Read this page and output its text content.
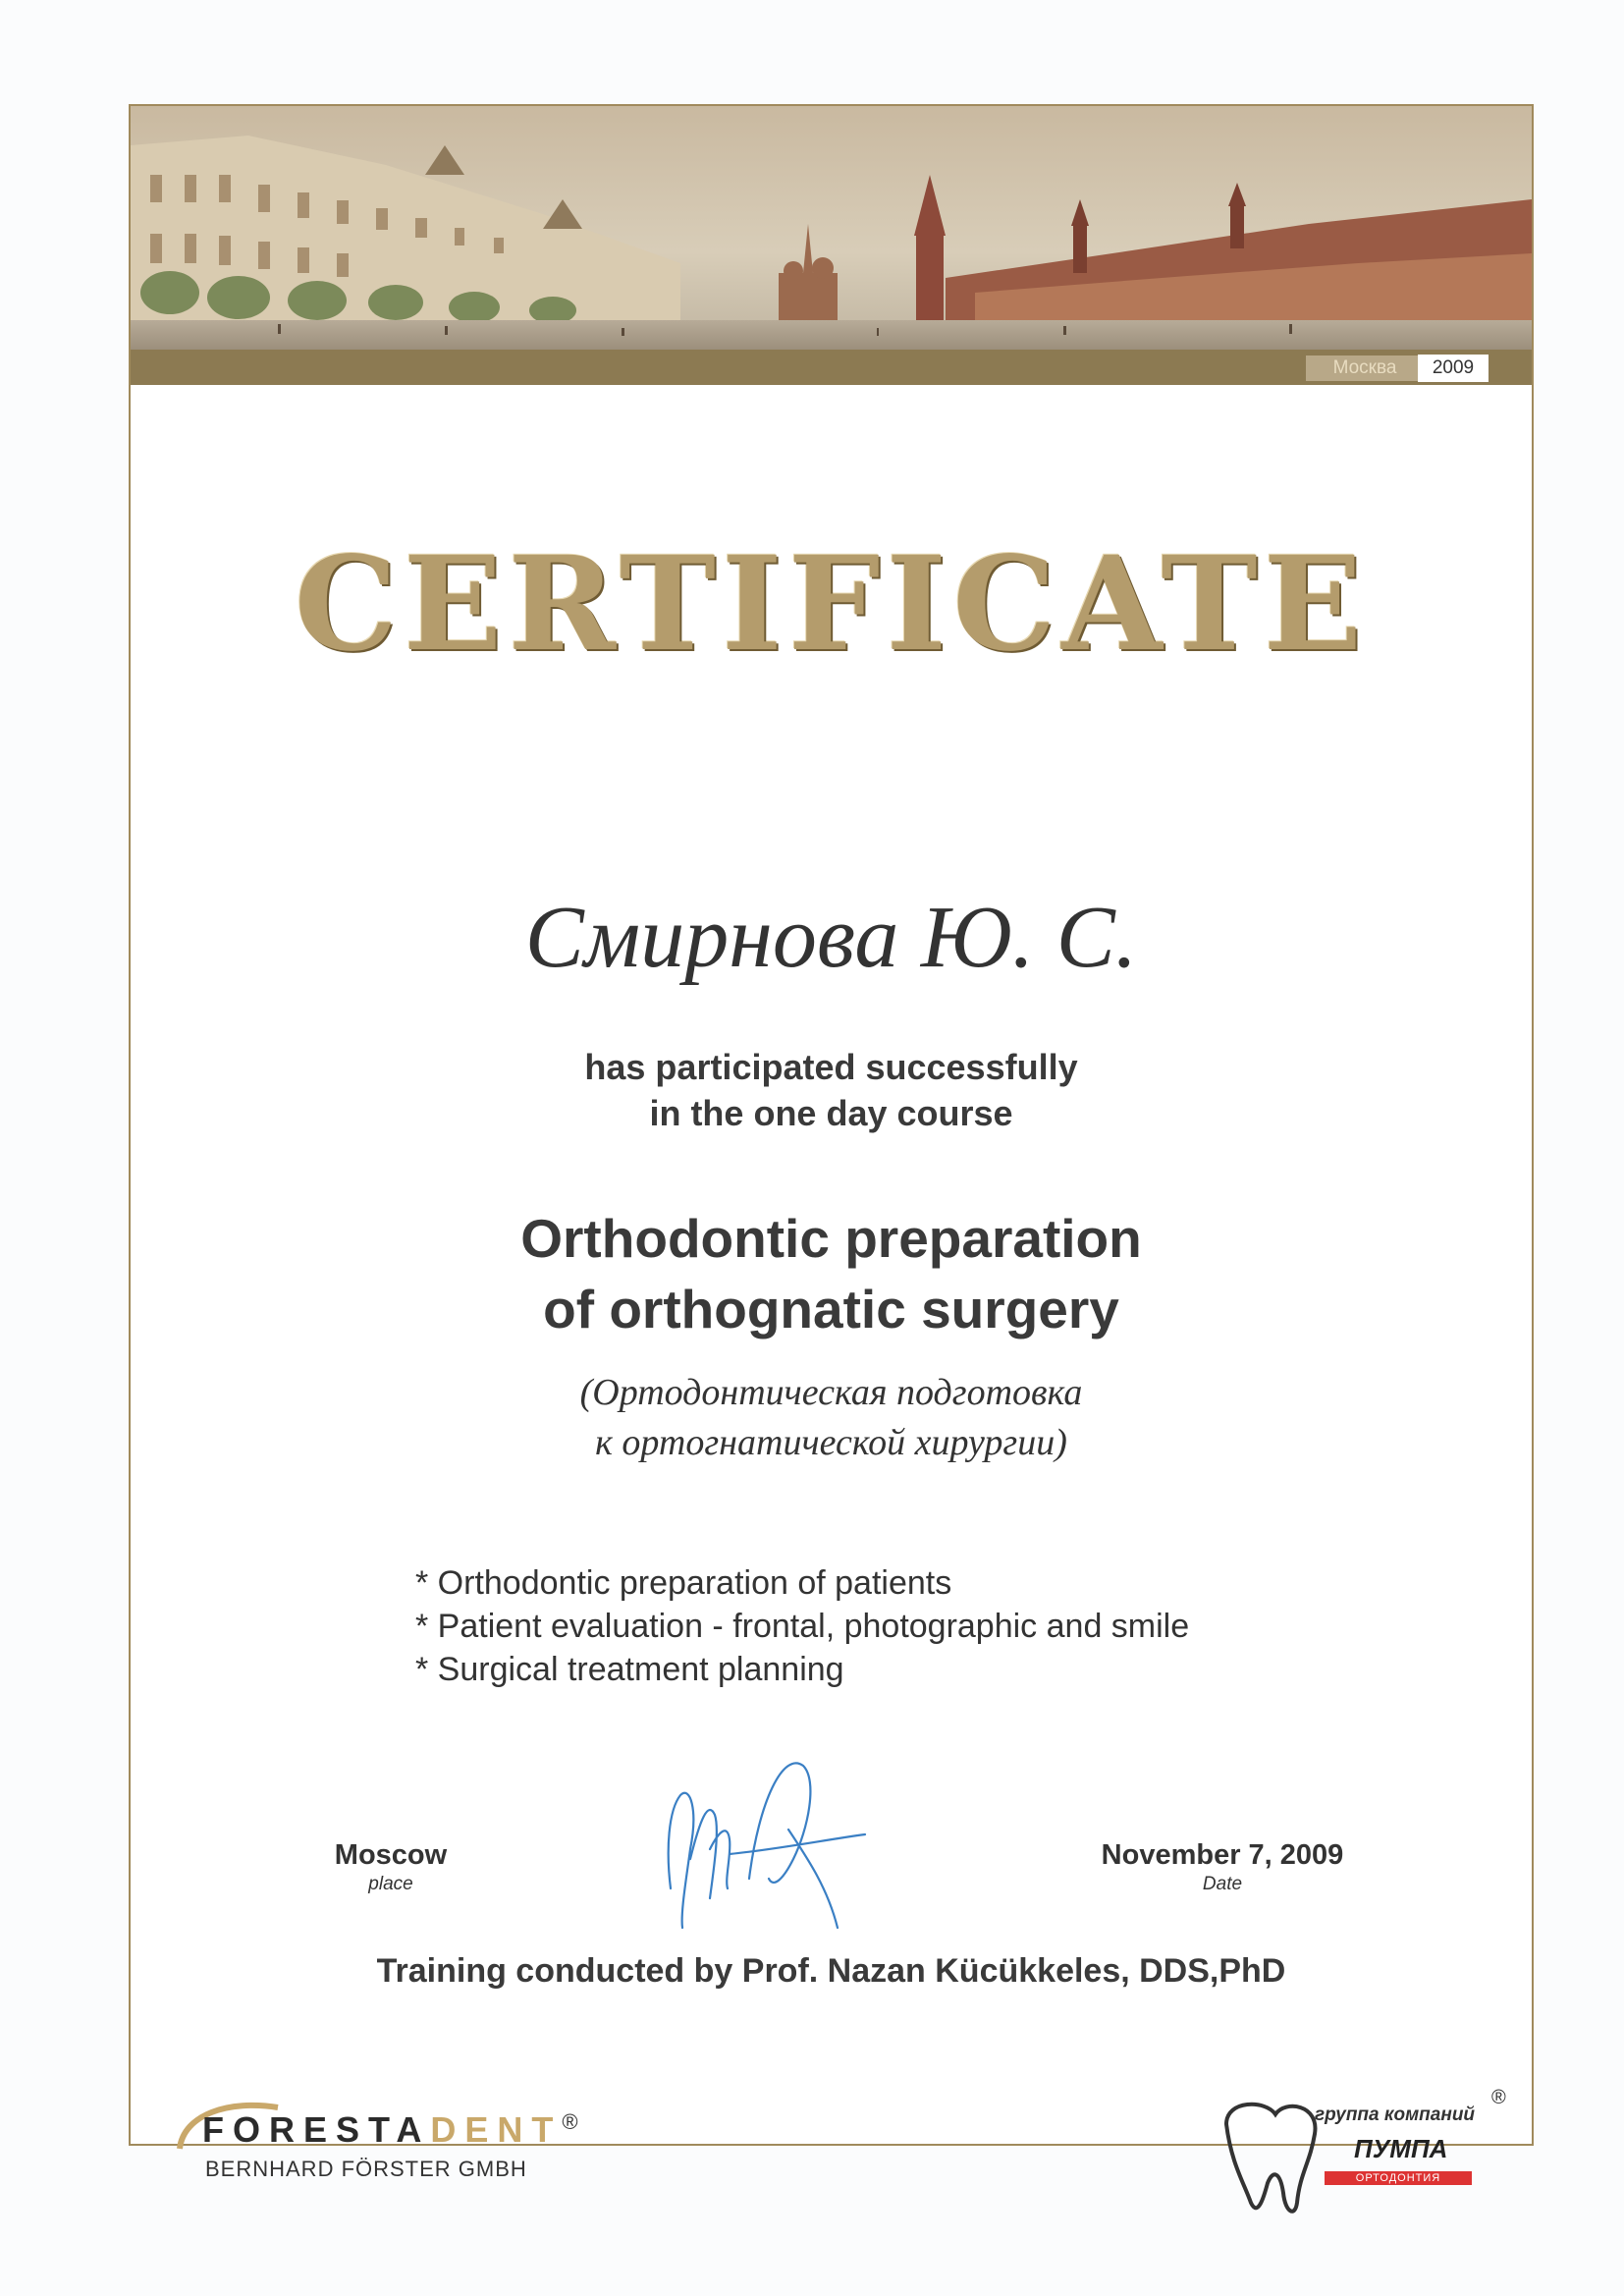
Москва	2009
CERTIFICATE
Смирнова Ю. С.
has participated successfully
in the one day course
Orthodontic preparation
of orthognatic surgery
(Ортодонтическая подготовка
к ортогнатической хирургии)
* Orthodontic preparation of patients
* Patient evaluation - frontal, photographic and smile
* Surgical treatment planning
Moscow
place
November 7, 2009
Date
Training conducted by Prof. Nazan Kücükkeles, DDS,PhD
FORESTADENT®
BERNHARD FÖRSTER GMBH
группа компаний
®
ПУМПА
ОРТОДОНТИЯ
